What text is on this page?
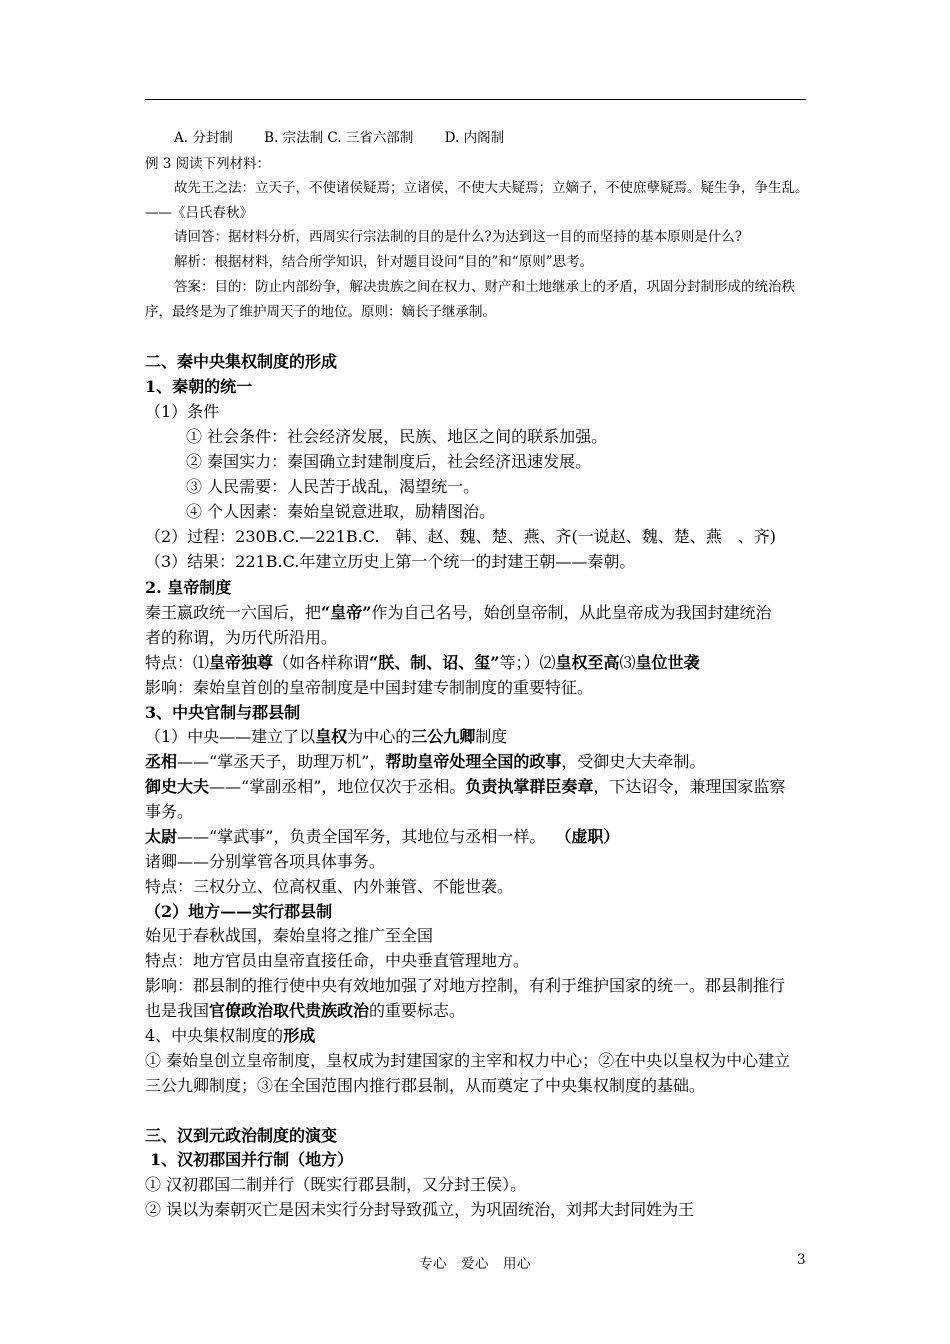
A. 分封制　　 B. 宗法制 C. 三省六部制　　 D. 内阁制
例 3 阅读下列材料：
故先王之法：立天子，不使诸侯疑焉；立诸侯，不使大夫疑焉；立嫡子，不使庶孽疑焉。疑生争，争生乱。
——《吕氏春秋》
请回答：据材料分析，西周实行宗法制的目的是什么?为达到这一目的而坚持的基本原则是什么?
解析：根据材料，结合所学知识，针对题目设问“目的”和“原则”思考。
答案：目的：防止内部纷争，解决贵族之间在权力、财产和土地继承上的矛盾，巩固分封制形成的统治秩
序，最终是为了维护周天子的地位。原则：嫡长子继承制。
二、秦中央集权制度的形成
1、秦朝的统一
（1）条件
① 社会条件：社会经济发展，民族、地区之间的联系加强。
② 秦国实力：秦国确立封建制度后，社会经济迅速发展。
③ 人民需要：人民苦于战乱，渴望统一。
④ 个人因素：秦始皇锐意进取，励精图治。
（2）过程：230B.C.—221B.C.　韩、赵、魏、楚、燕、齐(一说赵、魏、楚、燕　、齐)
（3）结果：221B.C.年建立历史上第一个统一的封建王朝——秦朝。
2. 皇帝制度
秦王嬴政统一六国后，把“皇帝”作为自己名号，始创皇帝制，从此皇帝成为我国封建统治
者的称谓，为历代所沿用。
特点：⑴皇帝独尊（如各样称谓“朕、制、诏、玺”等；）⑵皇权至高⑶皇位世袭
影响：秦始皇首创的皇帝制度是中国封建专制制度的重要特征。
3、中央官制与郡县制
（1）中央——建立了以皇权为中心的三公九卿制度
丞相——“掌丞天子，助理万机”，帮助皇帝处理全国的政事，受御史大夫牵制。
御史大夫——“掌副丞相”，地位仅次于丞相。负责执掌群臣奏章，下达诏令，兼理国家监察
事务。
太尉——“掌武事”，负责全国军务，其地位与丞相一样。 （虚职）
诸卿——分别掌管各项具体事务。
特点：三权分立、位高权重、内外兼管、不能世袭。
（2）地方——实行郡县制
始见于春秋战国，秦始皇将之推广至全国
特点：地方官员由皇帝直接任命，中央垂直管理地方。
影响：郡县制的推行使中央有效地加强了对地方控制，有利于维护国家的统一。郡县制推行
也是我国官僚政治取代贵族政治的重要标志。
4、中央集权制度的形成
① 秦始皇创立皇帝制度，皇权成为封建国家的主宰和权力中心；②在中央以皇权为中心建立
三公九卿制度；③在全国范围内推行郡县制，从而奠定了中央集权制度的基础。
三、汉到元政治制度的演变
1、汉初郡国并行制（地方）
① 汉初郡国二制并行（既实行郡县制，又分封王侯）。
② 误以为秦朝灭亡是因未实行分封导致孤立，为巩固统治，刘邦大封同姓为王
专心　爱心　用心	3
